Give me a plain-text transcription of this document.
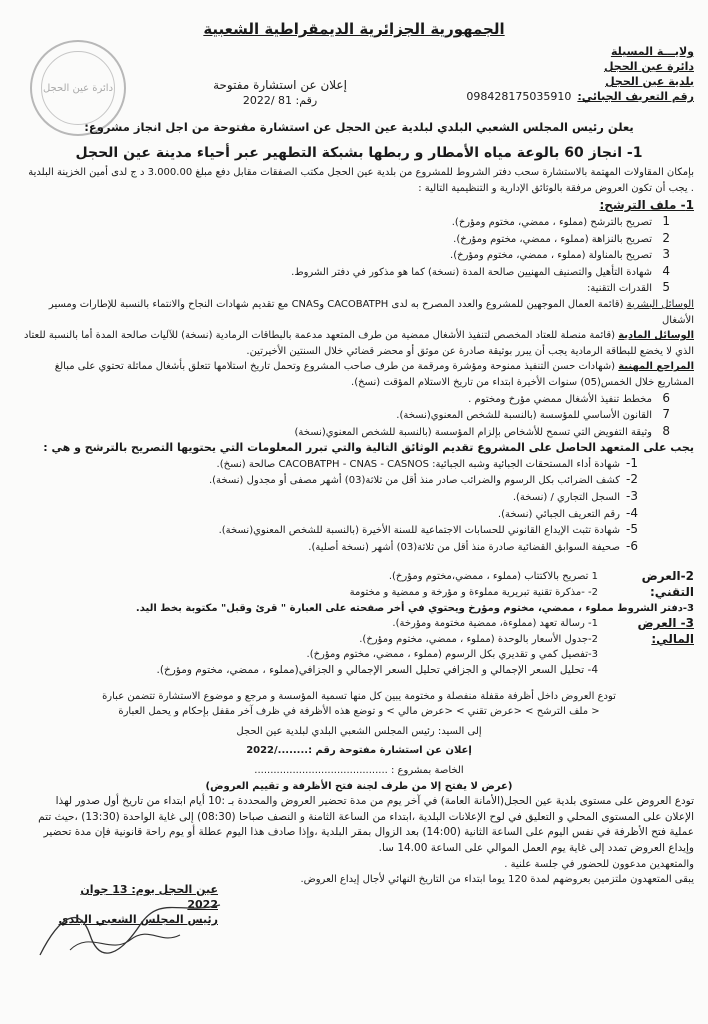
الجمهورية الجزائرية الديمقراطية الشعبية
ولايـــة المسيلة
دائرة عين الحجل
بلدية عين الحجل
رقم التعريف الجبائي:098428175035910
إعلان عن استشارة مفتوحة
رقم: 81 /2022
دائرة عين الحجل
يعلن رئيس المجلس الشعبي البلدي لبلدية عين الحجل عن استشارة مفتوحة من اجل انجاز مشروع:
1- انجاز 60 بالوعة مياه الأمطار و ربطها بشبكة التطهير عبر أحياء مدينة عين الحجل
بإمكان المقاولات المهتمة بالاستشارة سحب دفتر الشروط للمشروع من بلدية عين الحجل مكتب الصفقات مقابل دفع مبلغ 3.000.00 د ج لدى أمين الخزينة البلدية . يجب أن تكون العروض مرفقة بالوثائق الإدارية و التنظيمية التالية :
1- ملف الترشح:
1تصريح بالترشح (مملوء ، ممضي، مختوم ومؤرخ).
2تصريح بالنزاهة (مملوء ، ممضي، مختوم ومؤرخ).
3تصريح بالمناولة (مملوء ، ممضي، مختوم ومؤرخ).
4شهادة التأهيل والتصنيف المهنيين صالحة المدة (نسخة) كما هو مذكور في دفتر الشروط.
5القدرات التقنية:
الوسائل البشرية (قائمة العمال الموجهين للمشروع والعدد المصرح به لدى CACOBATPH وCNAS مع تقديم شهادات النجاح والانتماء بالنسبة للإطارات ومسير الأشغال
الوسائل المادية (قائمة منصلة للعتاد المخصص لتنفيذ الأشغال ممضية من طرف المتعهد مدعمة بالبطاقات الرمادية (نسخة) للآليات صالحة المدة أما بالنسبة للعتاد الذي لا يخضع للبطاقة الرمادية يجب أن يبرر بوثيقة صادرة عن موثق أو محضر قضائي خلال السنتين الأخيرتين.
المراجع المهنية (شهادات حسن التنفيذ ممنوحة ومؤشرة ومرقمة من طرف صاحب المشروع وتحمل تاريخ استلامها تتعلق بأشغال مماثلة تحتوي على مبالغ المشاريع خلال الخمس(05) سنوات الأخيرة ابتداء من تاريخ الاستلام المؤقت (نسخ).
6مخطط تنفيذ الأشغال ممضي مؤرخ ومختوم .
7القانون الأساسي للمؤسسة (بالنسبة للشخص المعنوي(نسخة).
8وثيقة التفويض التي تسمح للأشخاص بإلزام المؤسسة (بالنسبة للشخص المعنوي(نسخة)
يجب على المتعهد الحاصل على المشروع تقديم الوثائق التالية والتي تبرر المعلومات التي يحتويها التصريح بالترشح و هي :
1-شهادة أداء المستحقات الجبائية وشبه الجبائية: CACOBATPH - CNAS - CASNOS صالحة (نسخ).
2-كشف الضرائب بكل الرسوم والضرائب صادر منذ أقل من ثلاثة(03) أشهر مصفى أو مجدول (نسخة).
3-السجل التجاري / (نسخة).
4-رقم التعريف الجبائي (نسخة).
5-شهادة تثبت الإيداع القانوني للحسابات الاجتماعية للسنة الأخيرة (بالنسبة للشخص المعنوي(نسخة).
6-صحيفة السوابق القضائية صادرة منذ أقل من ثلاثة(03) أشهر (نسخة أصلية).
2-العرض التقني:
1 تصريح بالاكتتاب (مملوء ، ممضي،مختوم ومؤرخ).
2- -مذكرة تقنية تبريرية مملوءة و مؤرخة و ممضية و مختومة
3-دفتر الشروط مملوء ، ممضي، مختوم ومؤرخ ويحتوي في أخر صفحته على العبارة " قرئ وقبل" مكتوبة بخط اليد.
3- العرض المالي:
1- رسالة تعهد (مملوءة، ممضية مختومة ومؤرخة).
2-جدول الأسعار بالوحدة (مملوء ، ممضي، مختوم ومؤرخ).
3-تفصيل كمي و تقديري بكل الرسوم (مملوء ، ممضي، مختوم ومؤرخ).
4- تحليل السعر الإجمالي و الجزافي تحليل السعر الإجمالي و الجزافي(مملوء ، ممضي، مختوم ومؤرخ).
تودع العروض داخل أظرفة مقفلة منفصلة و مختومة يبين كل منها تسمية المؤسسة و مرجع و موضوع الاستشارة تتضمن عبارة
< ملف الترشح > <عرض تقني > <عرض مالي > و توضع هذه الأظرفة في ظرف آخر مقفل بإحكام و يحمل العبارة
إلى السيد: رئيس المجلس الشعبي البلدي لبلدية عين الحجل
إعلان عن استشارة مفتوحة رقم :......../2022
الخاصة بمشروع : ..........................................
(عرض لا يفتح إلا من طرف لجنة فتح الأظرفة و تقييم العروض)
تودع العروض على مستوى بلدية عين الحجل(الأمانة العامة) في آخر يوم من مدة تحضير العروض والمحددة بـ :10 أيام ابتداء من تاريخ أول صدور لهذا الإعلان على المستوى المحلي و التعليق في لوح الإعلانات البلدية ،ابتداء من الساعة الثامنة و النصف صباحا (08:30) إلى غاية الواحدة (13:30) ،حيث تتم عملية فتح الأظرفة في نفس اليوم على الساعة الثانية (14:00) بعد الزوال بمقر البلدية ،وإذا صادف هذا اليوم عطلة أو يوم راحة قانونية فإن مدة تحضير وإيداع العروض تمدد إلى غاية يوم العمل الموالي على الساعة 14.00 سا.
والمتعهدين مدعوون للحضور في جلسة علنية .
يبقى المتعهدون ملتزمين بعروضهم لمدة 120 يوما ابتداء من التاريخ النهائي لأجال إيداع العروض.
عين الحجل يوم: 13 جوان 2022
رئيس المجلس الشعبي البلدي
